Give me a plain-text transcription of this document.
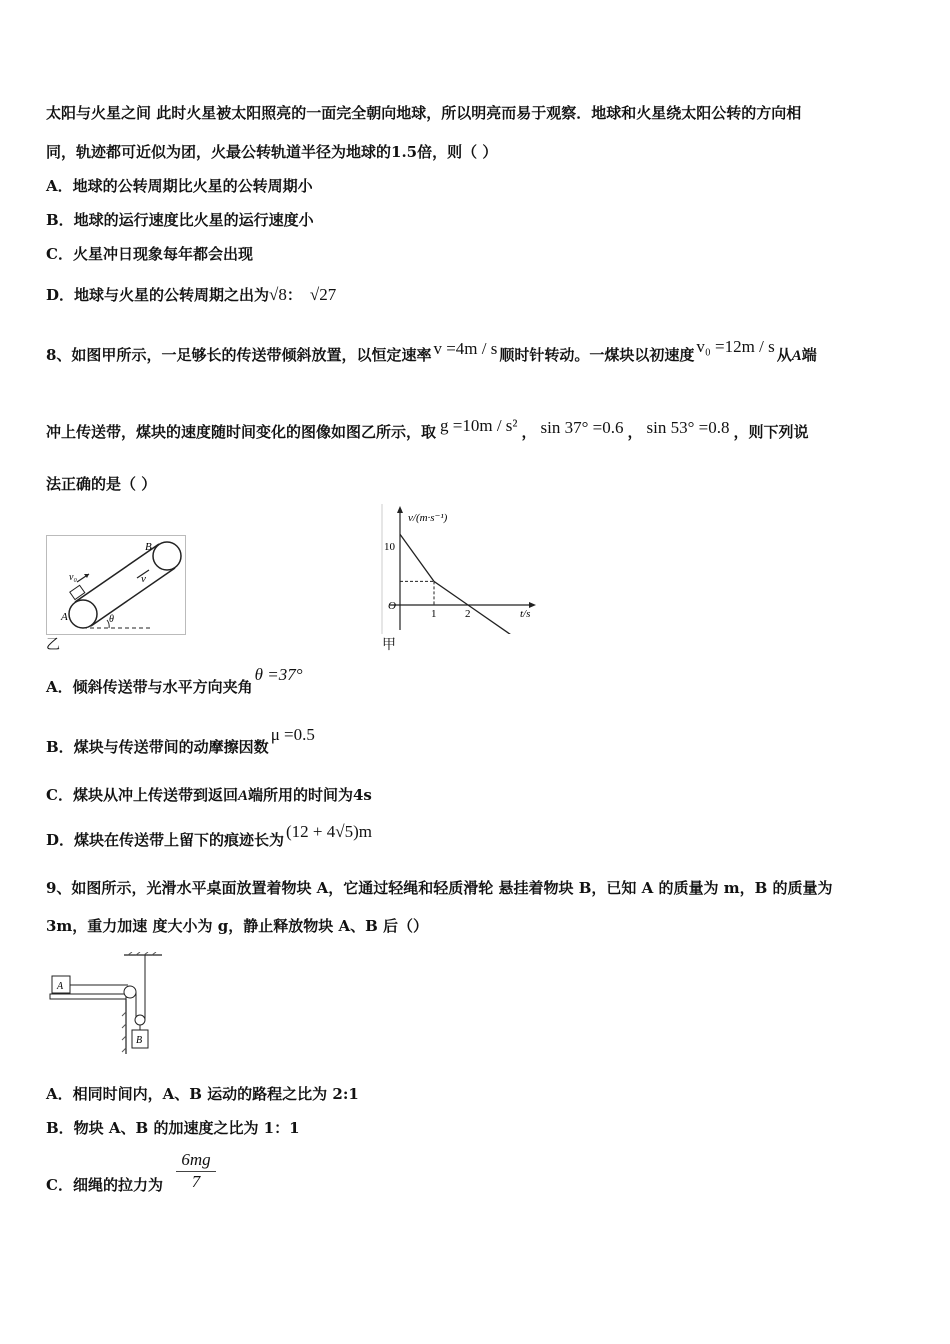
太阳与火星之间 此时火星被太阳照亮的一面完全朝向地球，所以明亮而易于观察．地球和火星绕太阳公转的方向相
同，轨迹都可近似为团，火最公转轨道半径为地球的1.5倍，则（ ）
A．地球的公转周期比火星的公转周期小
B．地球的运行速度比火星的运行速度小
C．火星冲日现象每年都会出现
D．地球与火星的公转周期之出为√8： √27
8、如图甲所示，一足够长的传送带倾斜放置，以恒定速率 v =4m / s 顺时针转动。一煤块以初速度 v₀ =12m / s 从A端
冲上传送带，煤块的速度随时间变化的图像如图乙所示，取 g =10m / s² ， sin 37° =0.6 ， sin 53° =0.8 ，则下列说
法正确的是（ ）
B
A
v₀	v
θ
乙
v/(m·s⁻¹)
t/s
O
10
1	2
甲
A．倾斜传送带与水平方向夹角θ =37°
B．煤块与传送带间的动摩擦因数μ =0.5
C．煤块从冲上传送带到返回A端所用的时间为4s
D．煤块在传送带上留下的痕迹长为 (12 + 4√5)m
9、如图所示，光滑水平桌面放置着物块 A，它通过轻绳和轻质滑轮 悬挂着物块 B，已知 A 的质量为 m，B 的质量为
3m，重力加速 度大小为 g，静止释放物块 A、B 后（）
A
B
A．相同时间内，A、B 运动的路程之比为 2:1
B．物块 A、B 的加速度之比为 1：1
C．细绳的拉力为 $\frac{6mg}{7}$
